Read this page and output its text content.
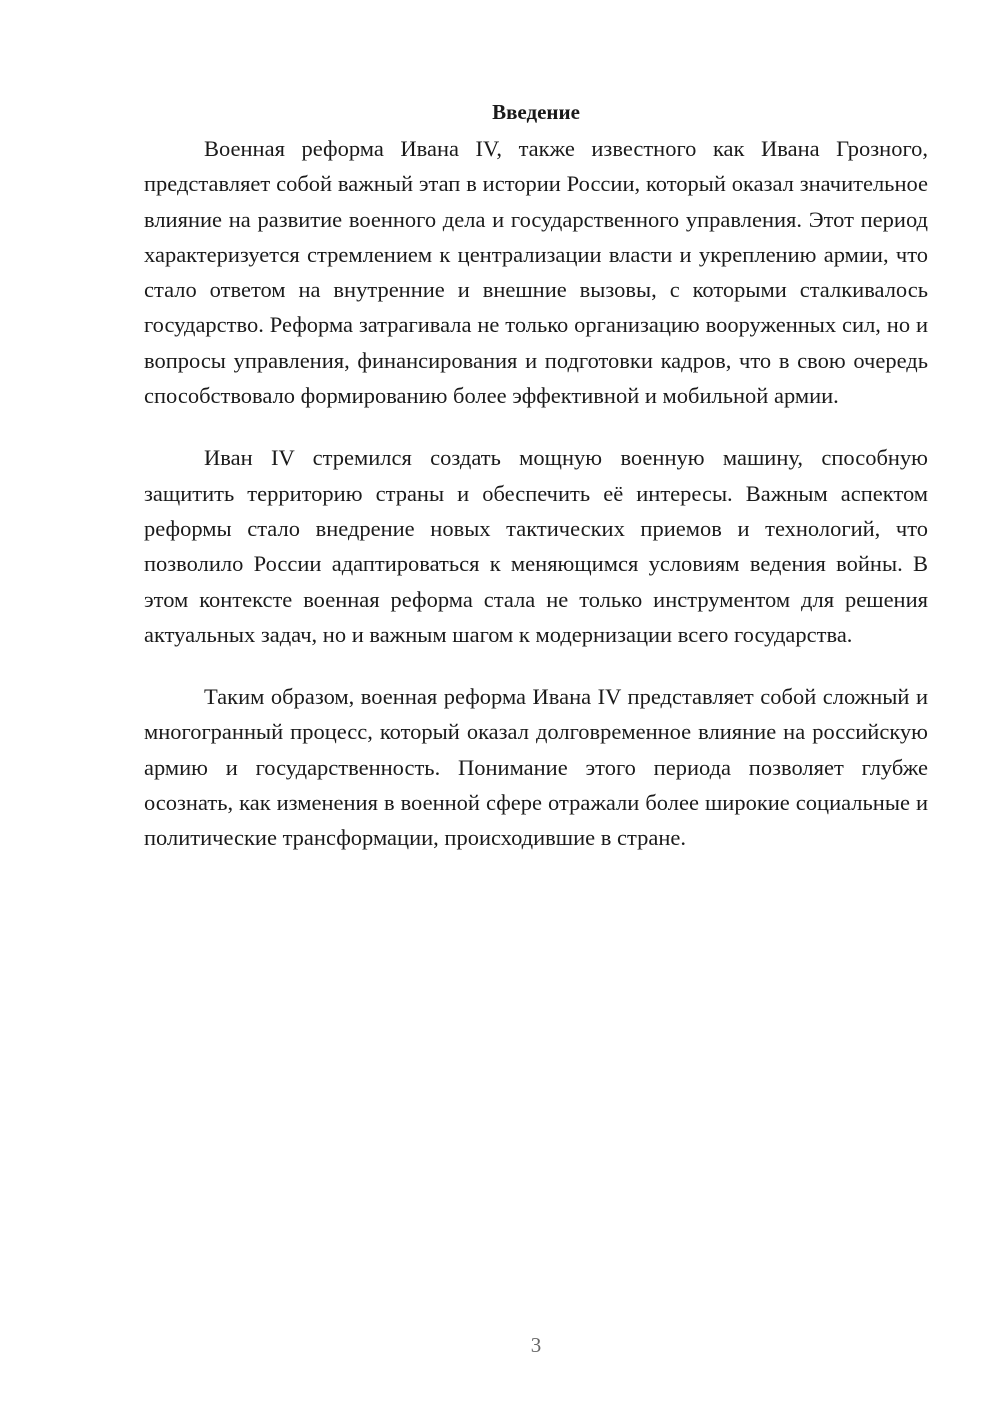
Введение

Военная реформа Ивана IV, также известного как Ивана Грозного, представляет собой важный этап в истории России, который оказал значительное влияние на развитие военного дела и государственного управления. Этот период характеризуется стремлением к централизации власти и укреплению армии, что стало ответом на внутренние и внешние вызовы, с которыми сталкивалось государство. Реформа затрагивала не только организацию вооруженных сил, но и вопросы управления, финансирования и подготовки кадров, что в свою очередь способствовало формированию более эффективной и мобильной армии.

Иван IV стремился создать мощную военную машину, способную защитить территорию страны и обеспечить её интересы. Важным аспектом реформы стало внедрение новых тактических приемов и технологий, что позволило России адаптироваться к меняющимся условиям ведения войны. В этом контексте военная реформа стала не только инструментом для решения актуальных задач, но и важным шагом к модернизации всего государства.

Таким образом, военная реформа Ивана IV представляет собой сложный и многогранный процесс, который оказал долговременное влияние на российскую армию и государственность. Понимание этого периода позволяет глубже осознать, как изменения в военной сфере отражали более широкие социальные и политические трансформации, происходившие в стране.

3
